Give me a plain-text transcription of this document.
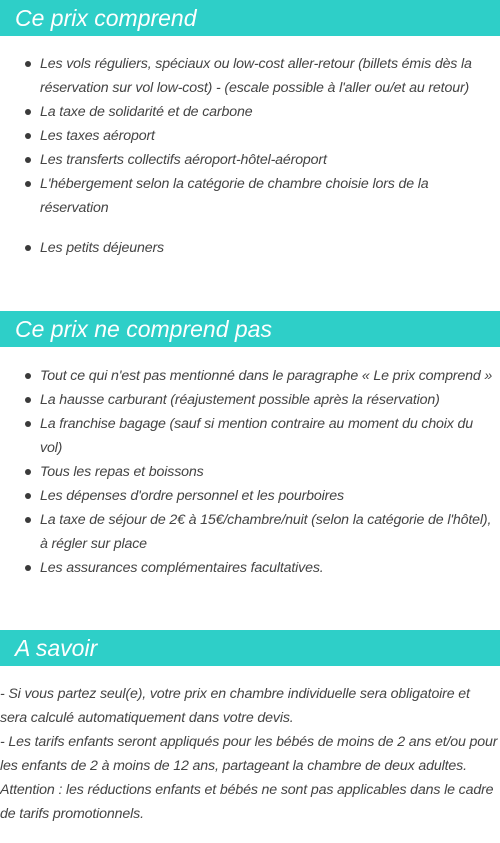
Ce prix comprend
Les vols réguliers, spéciaux ou low-cost aller-retour (billets émis dès la réservation sur vol low-cost) - (escale possible à l'aller ou/et au retour)
La taxe de solidarité et de carbone
Les taxes aéroport
Les transferts collectifs aéroport-hôtel-aéroport
L'hébergement selon la catégorie de chambre choisie lors de la réservation
Les petits déjeuners
Ce prix ne comprend pas
Tout ce qui n'est pas mentionné dans le paragraphe « Le prix comprend »
La hausse carburant (réajustement possible après la réservation)
La franchise bagage (sauf si mention contraire au moment du choix du vol)
Tous les repas et boissons
Les dépenses d'ordre personnel et les pourboires
La taxe de séjour de 2€ à 15€/chambre/nuit (selon la catégorie de l'hôtel), à régler sur place
Les assurances complémentaires facultatives.
A savoir
- Si vous partez seul(e), votre prix en chambre individuelle sera obligatoire et sera calculé automatiquement dans votre devis.
- Les tarifs enfants seront appliqués pour les bébés de moins de 2 ans et/ou pour les enfants de 2 à moins de 12 ans, partageant la chambre de deux adultes.
Attention : les réductions enfants et bébés ne sont pas applicables dans le cadre de tarifs promotionnels.
